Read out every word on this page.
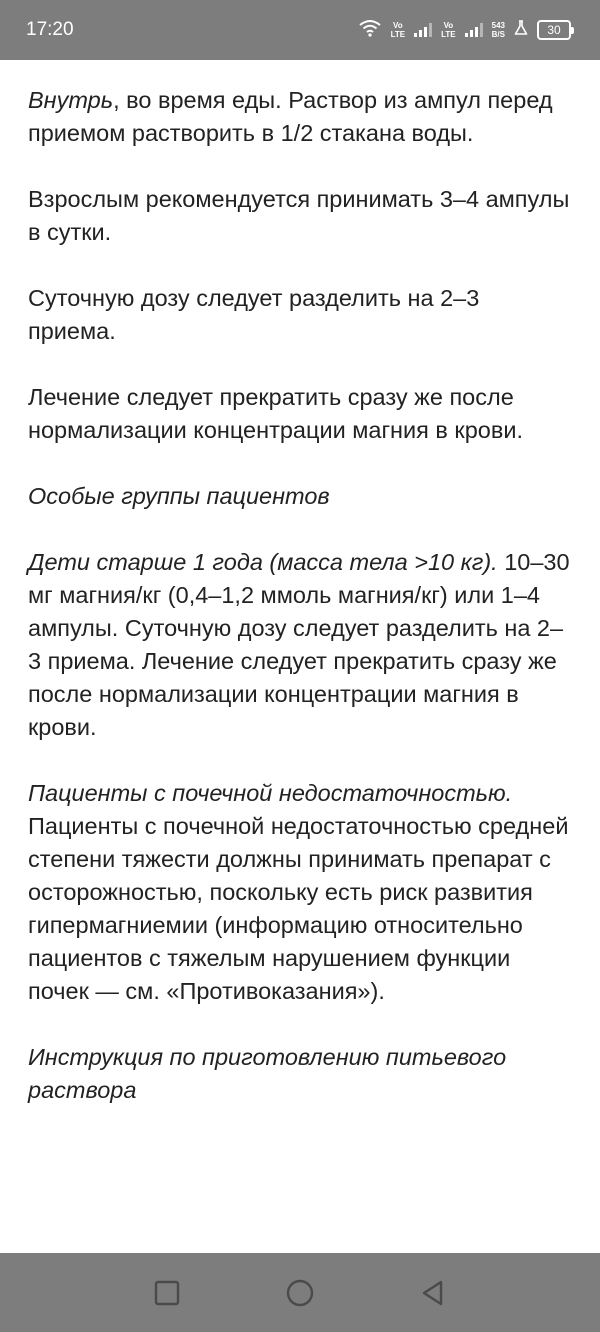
17:20	Vo
LTE
Vo
LTE
543
B/S	30

Внутрь, во время еды. Раствор из ампул перед приемом растворить в 1/2 стакана воды.

Взрослым рекомендуется принимать 3–4 ампулы в сутки.

Суточную дозу следует разделить на 2–3 приема.

Лечение следует прекратить сразу же после нормализации концентрации магния в крови.

Особые группы пациентов

Дети старше 1 года (масса тела >10 кг). 10–30 мг магния/кг (0,4–1,2 ммоль магния/кг) или 1–4 ампулы. Суточную дозу следует разделить на 2–3 приема. Лечение следует прекратить сразу же после нормализации концентрации магния в крови.

Пациенты с почечной недостаточностью. Пациенты с почечной недостаточностью средней степени тяжести должны принимать препарат с осторожностью, поскольку есть риск развития гипермагниемии (информацию относительно пациентов с тяжелым нарушением функции почек — см. «Противоказания»).

Инструкция по приготовлению питьевого раствора
